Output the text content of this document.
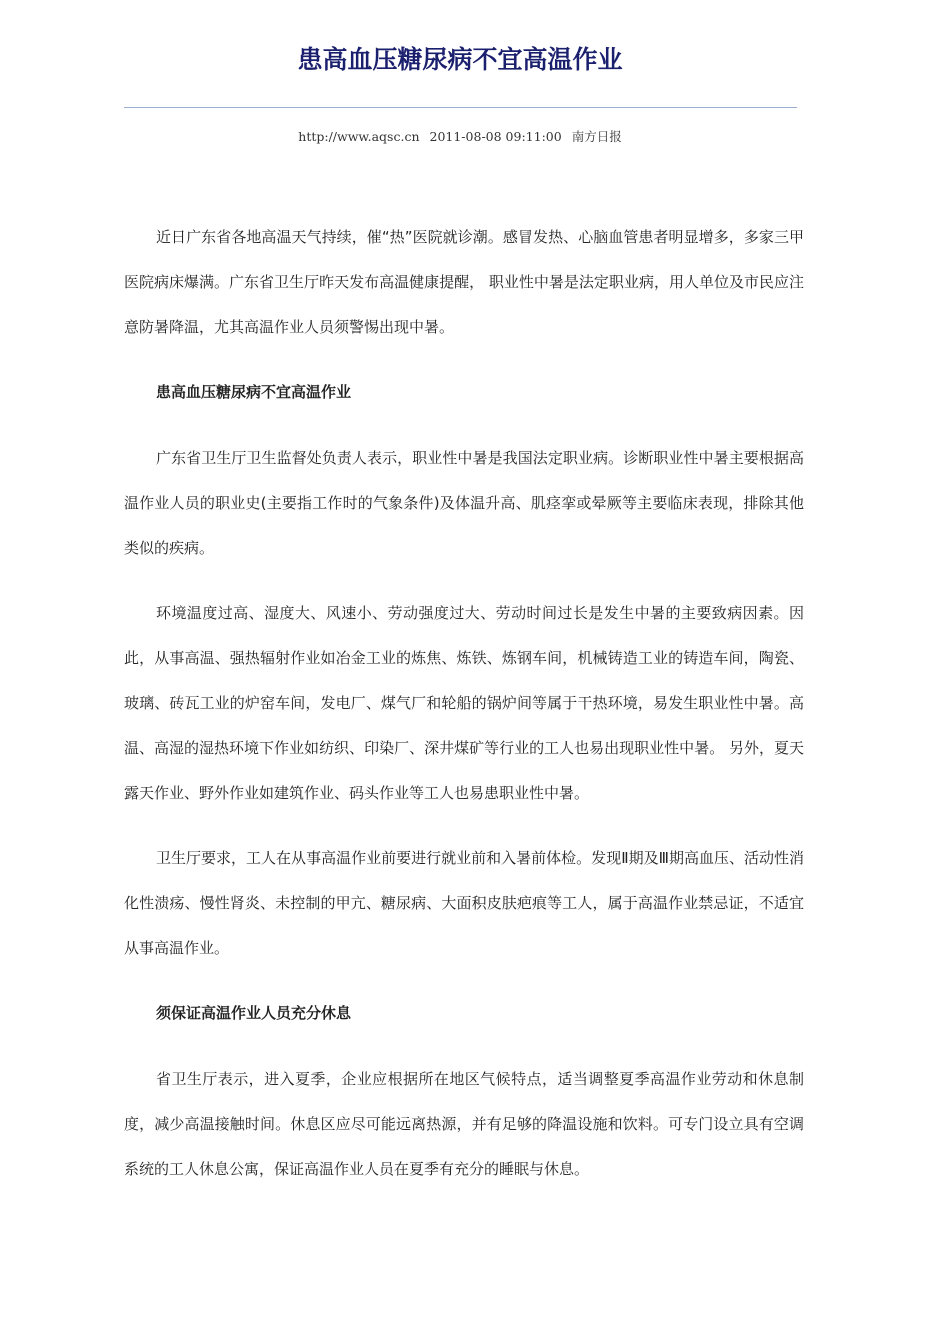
患高血压糖尿病不宜高温作业
http://www.aqsc.cn 2011-08-08 09:11:00 南方日报

近日广东省各地高温天气持续，催“热”医院就诊潮。感冒发热、心脑血管患者明显增多，多家三甲医院病床爆满。广东省卫生厅昨天发布高温健康提醒， 职业性中暑是法定职业病，用人单位及市民应注意防暑降温，尤其高温作业人员须警惕出现中暑。

患高血压糖尿病不宜高温作业

广东省卫生厅卫生监督处负责人表示，职业性中暑是我国法定职业病。诊断职业性中暑主要根据高温作业人员的职业史(主要指工作时的气象条件)及体温升高、肌痉挛或晕厥等主要临床表现，排除其他类似的疾病。

环境温度过高、湿度大、风速小、劳动强度过大、劳动时间过长是发生中暑的主要致病因素。因此，从事高温、强热辐射作业如冶金工业的炼焦、炼铁、炼钢车间，机械铸造工业的铸造车间，陶瓷、玻璃、砖瓦工业的炉窑车间，发电厂、煤气厂和轮船的锅炉间等属于干热环境，易发生职业性中暑。高温、高湿的湿热环境下作业如纺织、印染厂、深井煤矿等行业的工人也易出现职业性中暑。 另外，夏天露天作业、野外作业如建筑作业、码头作业等工人也易患职业性中暑。

卫生厅要求，工人在从事高温作业前要进行就业前和入暑前体检。发现Ⅱ期及Ⅲ期高血压、活动性消化性溃疡、慢性肾炎、未控制的甲亢、糖尿病、大面积皮肤疤痕等工人，属于高温作业禁忌证，不适宜从事高温作业。

须保证高温作业人员充分休息

省卫生厅表示，进入夏季，企业应根据所在地区气候特点，适当调整夏季高温作业劳动和休息制度，减少高温接触时间。休息区应尽可能远离热源，并有足够的降温设施和饮料。可专门设立具有空调系统的工人休息公寓，保证高温作业人员在夏季有充分的睡眠与休息。
